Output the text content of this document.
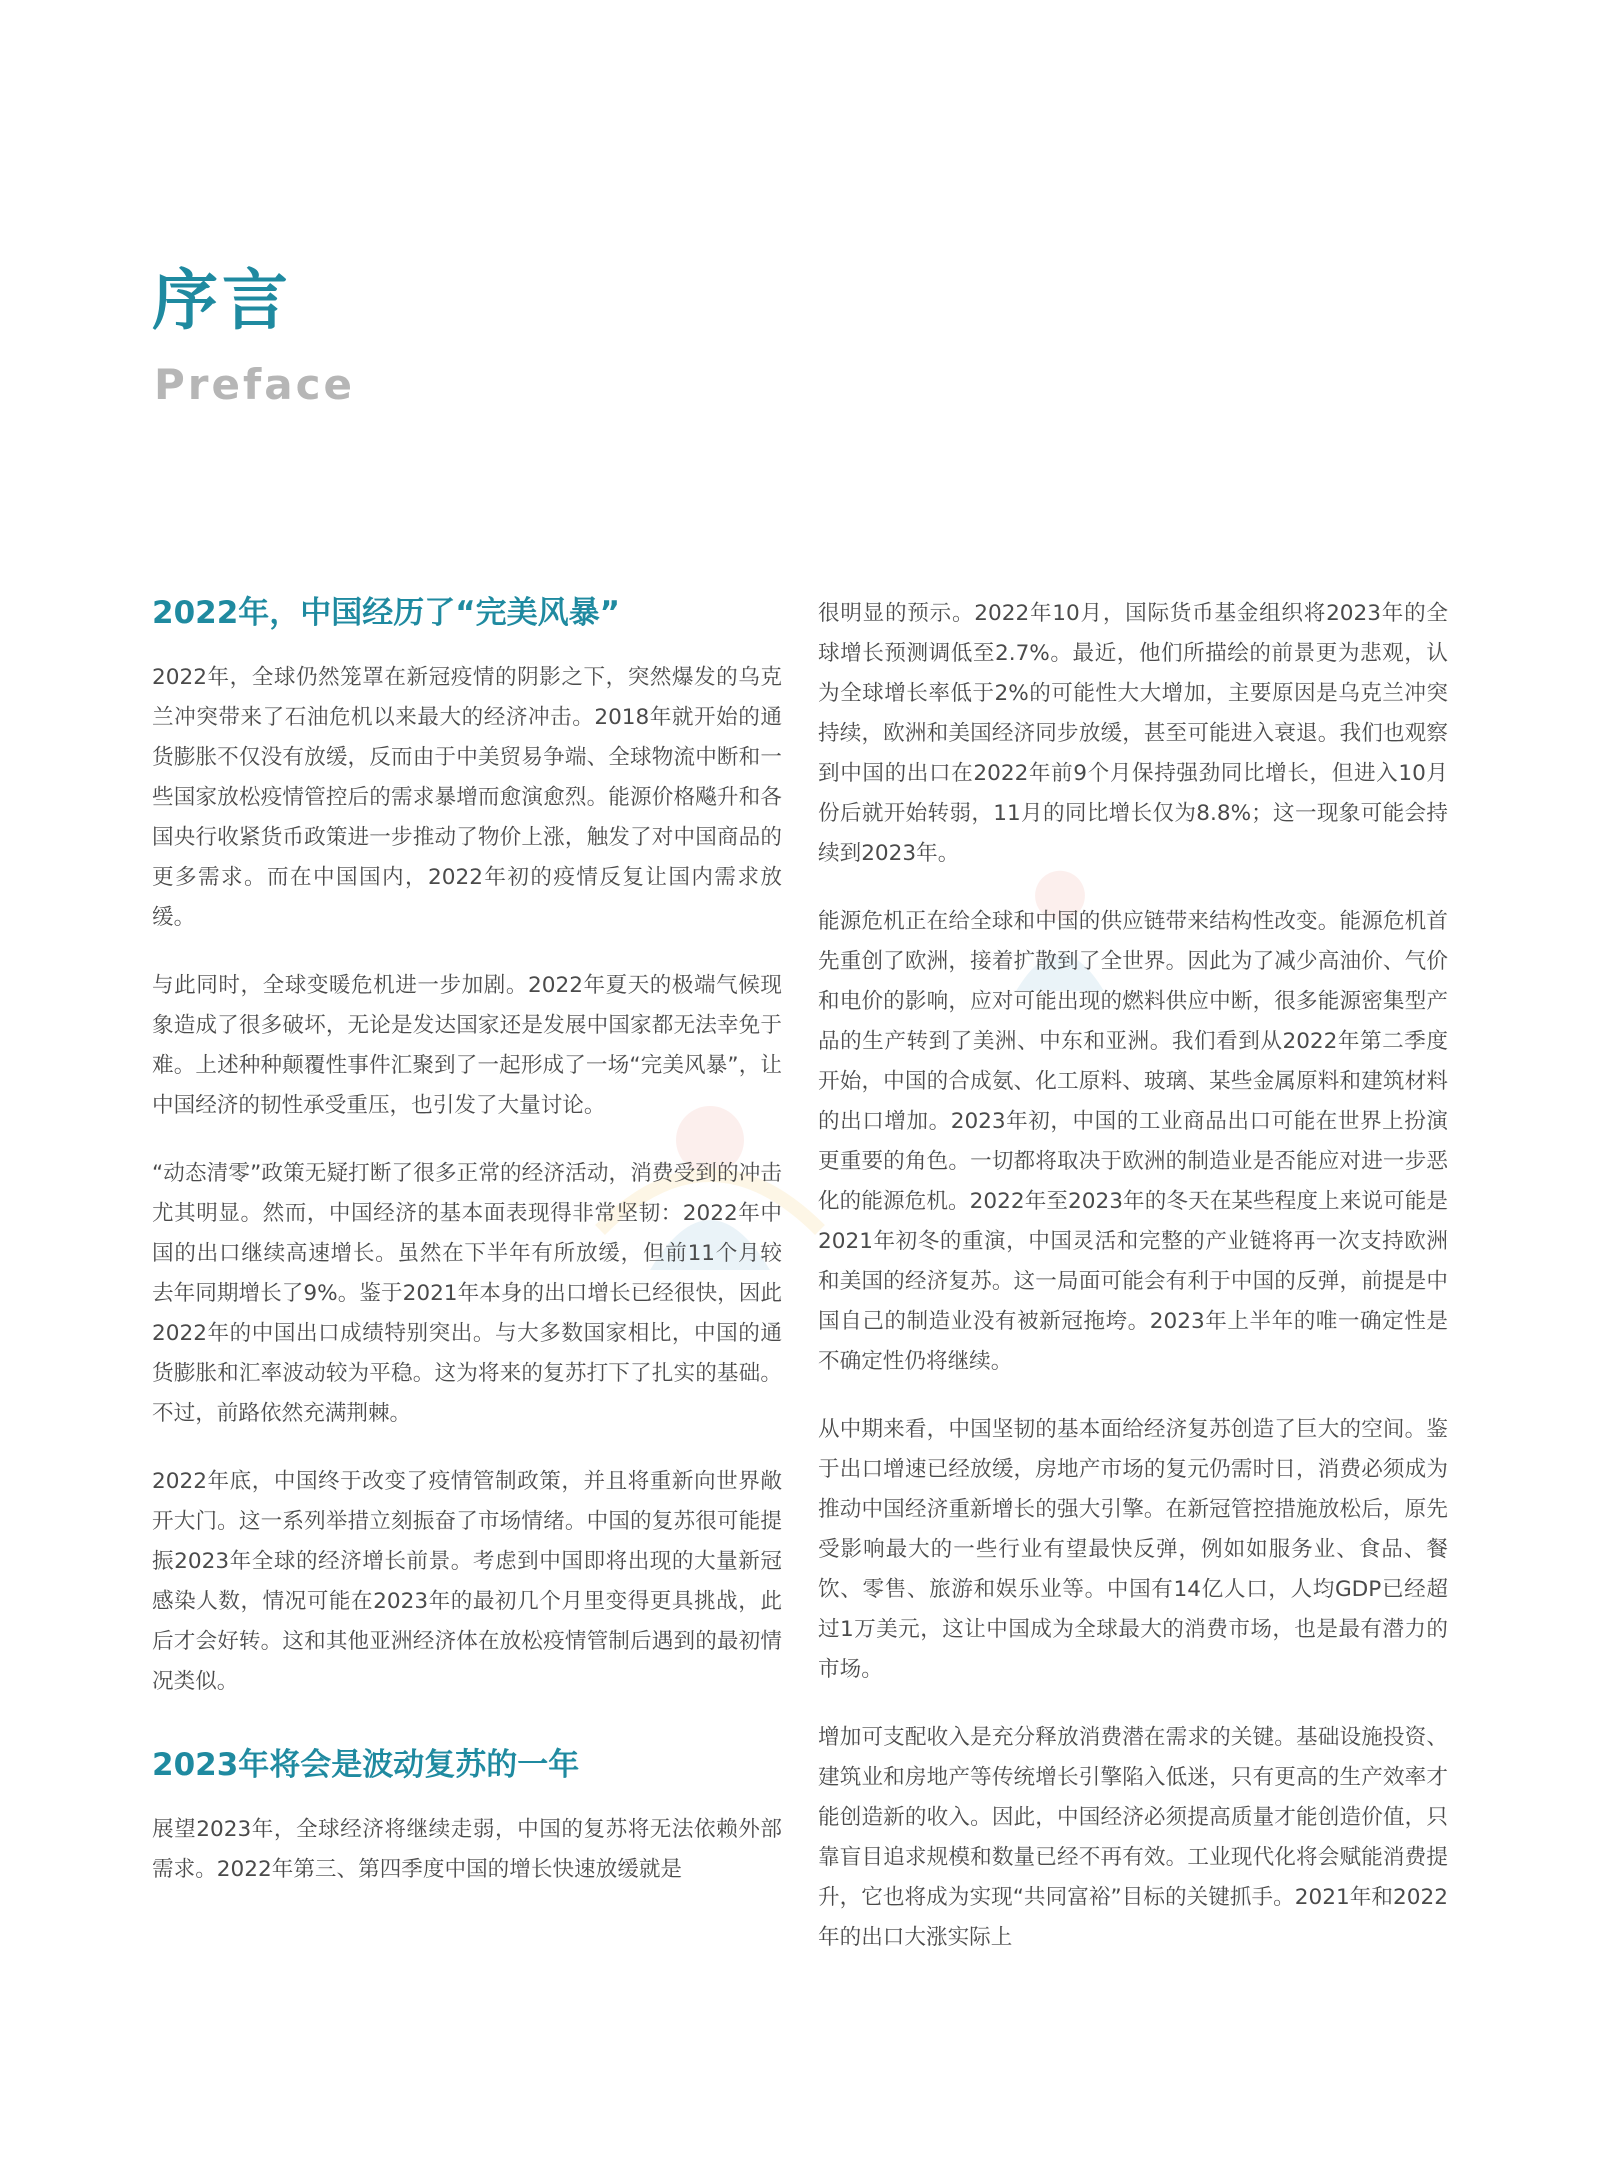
序言
Preface
2022年，中国经历了“完美风暴”

2022年，全球仍然笼罩在新冠疫情的阴影之下，突然爆发的乌克兰冲突带来了石油危机以来最大的经济冲击。2018年就开始的通货膨胀不仅没有放缓，反而由于中美贸易争端、全球物流中断和一些国家放松疫情管控后的需求暴增而愈演愈烈。能源价格飚升和各国央行收紧货币政策进一步推动了物价上涨，触发了对中国商品的更多需求。而在中国国内，2022年初的疫情反复让国内需求放缓。

与此同时，全球变暖危机进一步加剧。2022年夏天的极端气候现象造成了很多破坏，无论是发达国家还是发展中国家都无法幸免于难。上述种种颠覆性事件汇聚到了一起形成了一场“完美风暴”，让中国经济的韧性承受重压，也引发了大量讨论。

“动态清零”政策无疑打断了很多正常的经济活动，消费受到的冲击尤其明显。然而，中国经济的基本面表现得非常坚韧：2022年中国的出口继续高速增长。虽然在下半年有所放缓，但前11个月较去年同期增长了9%。鉴于2021年本身的出口增长已经很快，因此2022年的中国出口成绩特别突出。与大多数国家相比，中国的通货膨胀和汇率波动较为平稳。这为将来的复苏打下了扎实的基础。不过，前路依然充满荆棘。

2022年底，中国终于改变了疫情管制政策，并且将重新向世界敞开大门。这一系列举措立刻振奋了市场情绪。中国的复苏很可能提振2023年全球的经济增长前景。考虑到中国即将出现的大量新冠感染人数，情况可能在2023年的最初几个月里变得更具挑战，此后才会好转。这和其他亚洲经济体在放松疫情管制后遇到的最初情况类似。

2023年将会是波动复苏的一年

展望2023年，全球经济将继续走弱，中国的复苏将无法依赖外部需求。2022年第三、第四季度中国的增长快速放缓就是

很明显的预示。2022年10月，国际货币基金组织将2023年的全球增长预测调低至2.7%。最近，他们所描绘的前景更为悲观，认为全球增长率低于2%的可能性大大增加，主要原因是乌克兰冲突持续，欧洲和美国经济同步放缓，甚至可能进入衰退。我们也观察到中国的出口在2022年前9个月保持强劲同比增长，但进入10月份后就开始转弱，11月的同比增长仅为8.8%；这一现象可能会持续到2023年。

能源危机正在给全球和中国的供应链带来结构性改变。能源危机首先重创了欧洲，接着扩散到了全世界。因此为了减少高油价、气价和电价的影响，应对可能出现的燃料供应中断，很多能源密集型产品的生产转到了美洲、中东和亚洲。我们看到从2022年第二季度开始，中国的合成氨、化工原料、玻璃、某些金属原料和建筑材料的出口增加。2023年初，中国的工业商品出口可能在世界上扮演更重要的角色。一切都将取决于欧洲的制造业是否能应对进一步恶化的能源危机。2022年至2023年的冬天在某些程度上来说可能是2021年初冬的重演，中国灵活和完整的产业链将再一次支持欧洲和美国的经济复苏。这一局面可能会有利于中国的反弹，前提是中国自己的制造业没有被新冠拖垮。2023年上半年的唯一确定性是不确定性仍将继续。

从中期来看，中国坚韧的基本面给经济复苏创造了巨大的空间。鉴于出口增速已经放缓，房地产市场的复元仍需时日，消费必须成为推动中国经济重新增长的强大引擎。在新冠管控措施放松后，原先受影响最大的一些行业有望最快反弹，例如如服务业、食品、餐饮、零售、旅游和娱乐业等。中国有14亿人口，人均GDP已经超过1万美元，这让中国成为全球最大的消费市场，也是最有潜力的市场。

增加可支配收入是充分释放消费潜在需求的关键。基础设施投资、建筑业和房地产等传统增长引擎陷入低迷，只有更高的生产效率才能创造新的收入。因此，中国经济必须提高质量才能创造价值，只靠盲目追求规模和数量已经不再有效。工业现代化将会赋能消费提升，它也将成为实现“共同富裕”目标的关键抓手。2021年和2022年的出口大涨实际上
